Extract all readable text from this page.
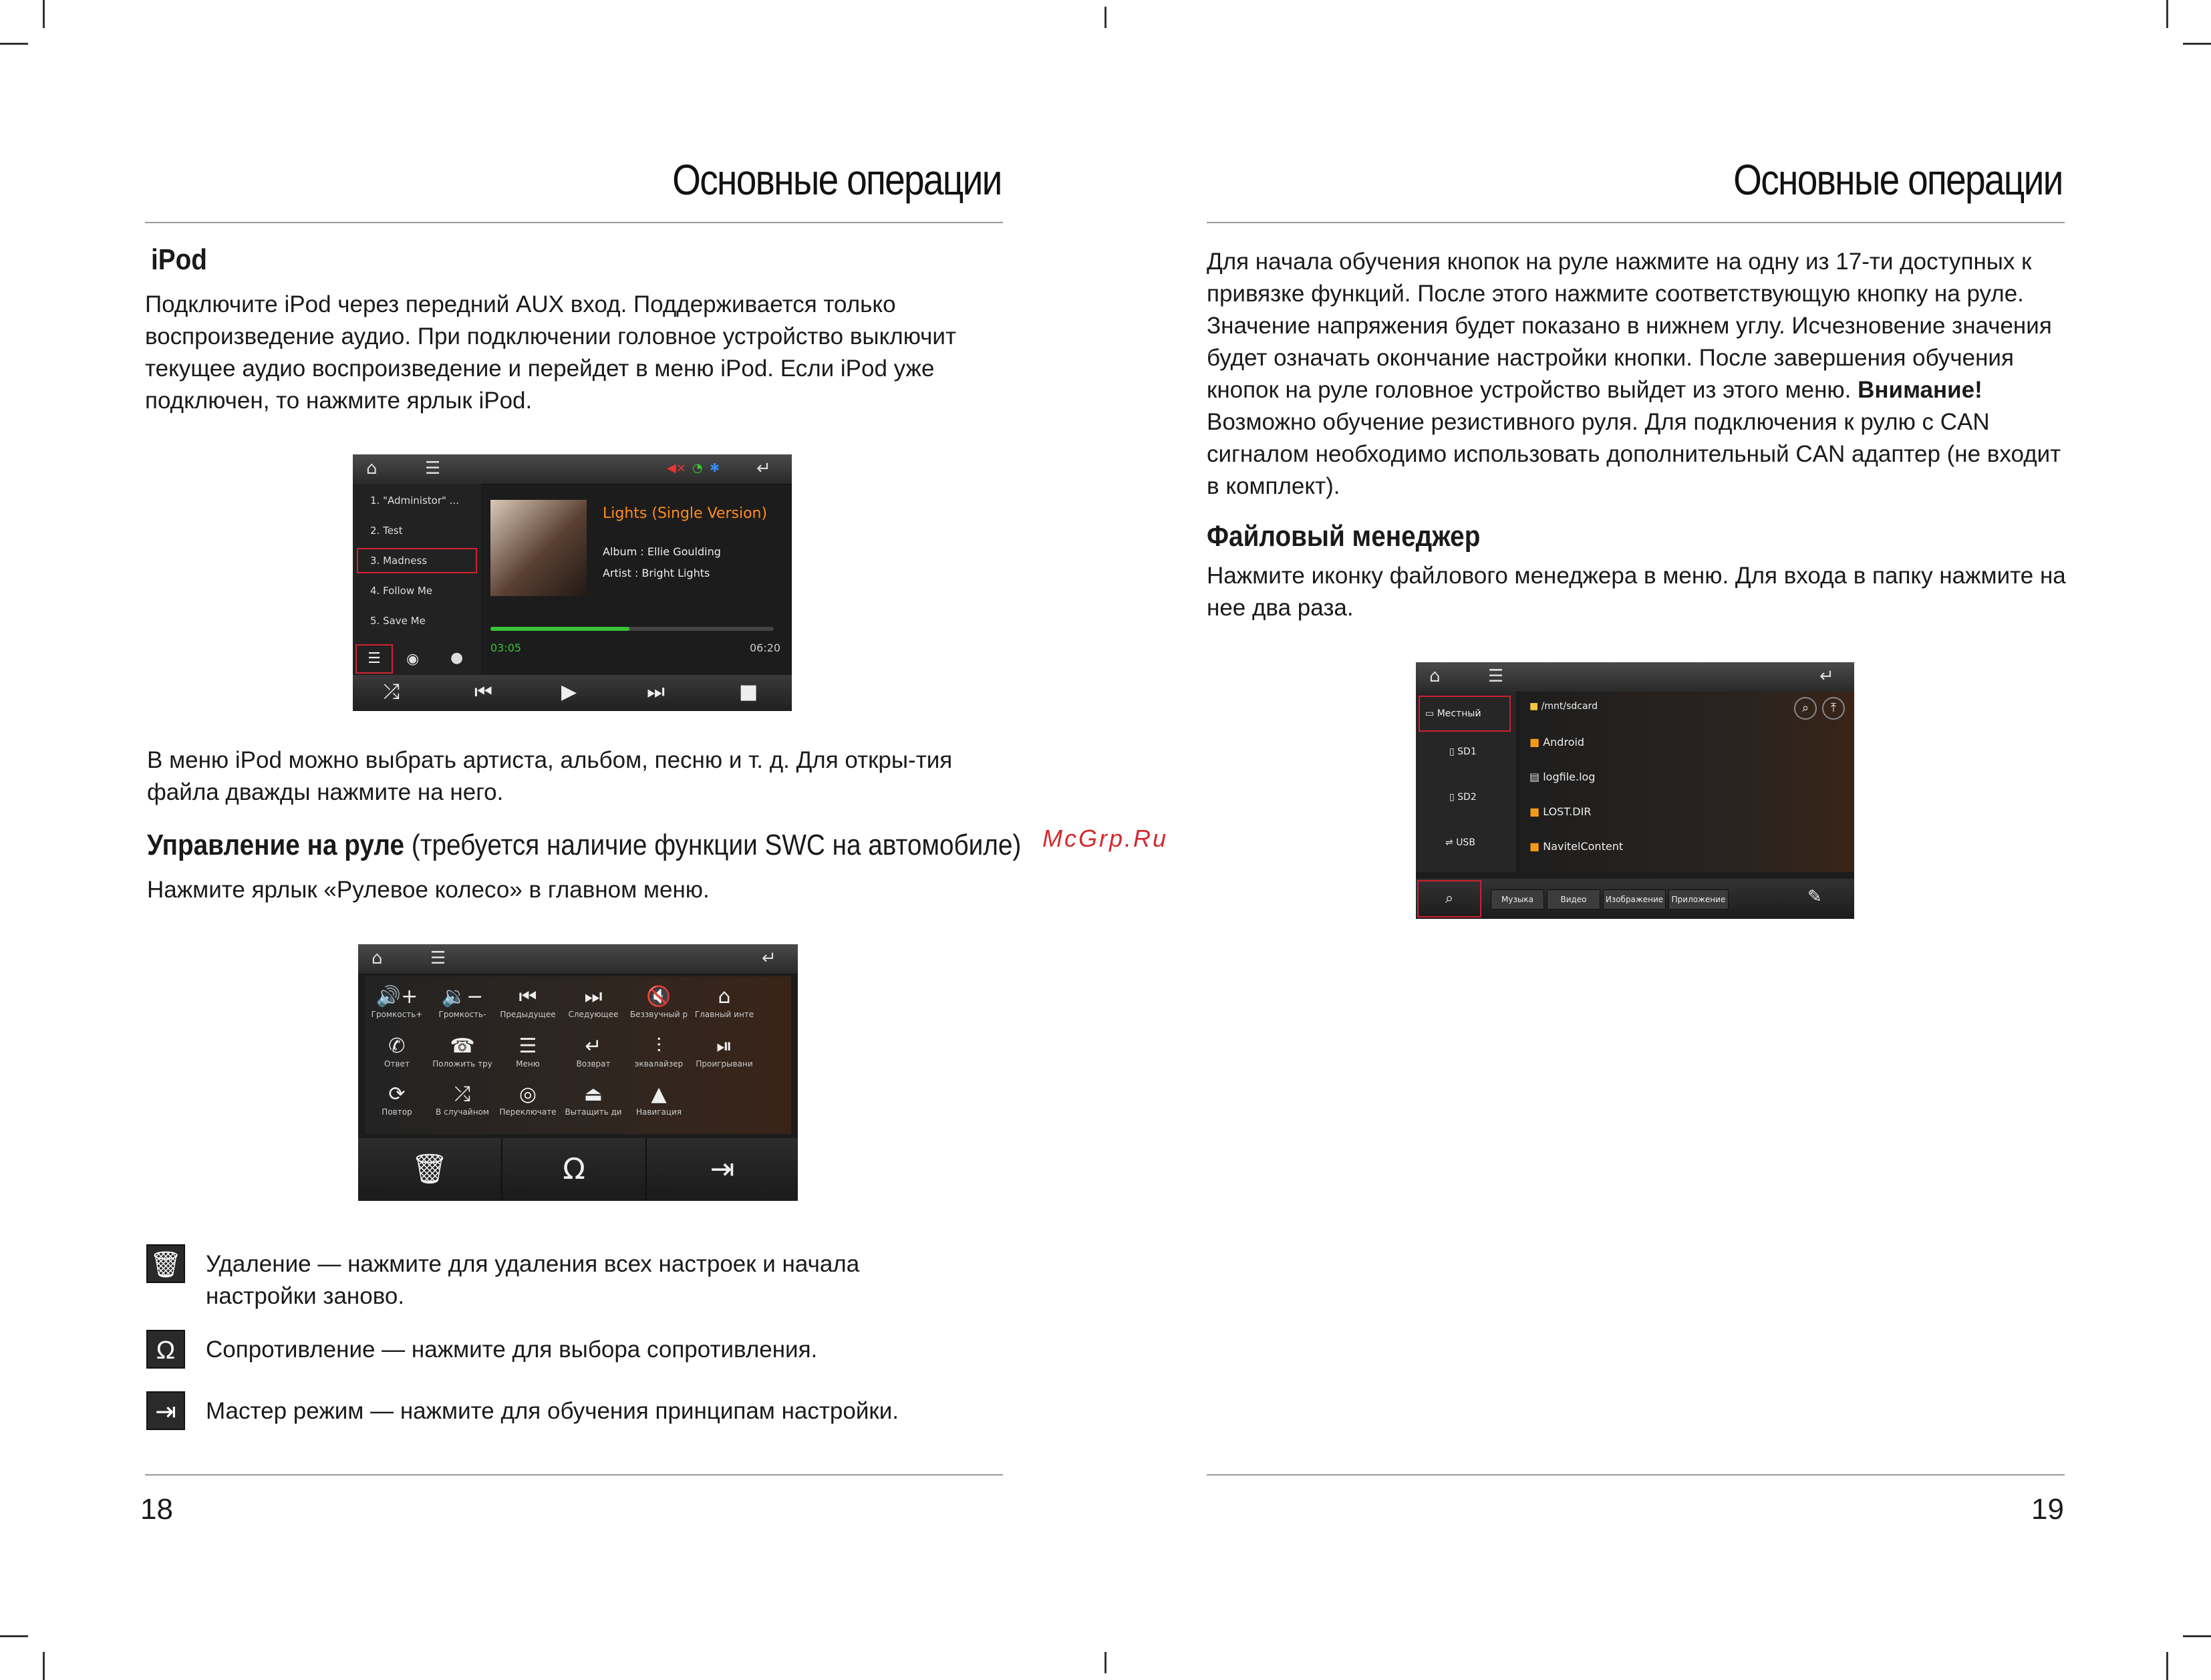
Основные операции
iPod
Подключите iPod через передний AUX вход. Поддерживается только воспроизведение аудио. При подключении головное устройство выключит текущее аудио воспроизведение и перейдет в меню iPod. Если iPod уже подключен, то нажмите ярлык iPod.
⌂	☰	◀× ◔ ✱ ↵
1. "Administor" ...
2. Test
3. Madness
4. Follow Me
5. Save Me
☰	◉ ●
Lights (Single Version)
Album : Ellie Goulding
Artist : Bright Lights
03:05	06:20
⤮	⏮	▶	⏭	■
В меню iPod можно выбрать артиста, альбом, песню и т. д. Для откры-тия файла дважды нажмите на него.
Управление на руле (требуется наличие функции SWC на автомобиле)
Нажмите ярлык «Рулевое колесо» в главном меню.
⌂	☰	↵
🔊+
Громкость+
🔉−
Громкость-
⏮
Предыдущее
⏭
Следующее
🔇
Беззвучный р
⌂
Главный инте
✆
Ответ
☎
Положить тру
☰
Меню
↵
Возврат
⫶
эквалайзер
⏯
Проигрывани
⟳
Повтор
⤮
В случайном
◎
Переключате
⏏
Вытащить ди
▲
Навигация
🗑	Ω	⇥
🗑 Удаление — нажмите для удаления всех настроек и начала настройки заново.
Ω	Сопротивление — нажмите для выбора сопротивления.
⇥	Мастер режим — нажмите для обучения принципам настройки.
18
McGrp.Ru
Основные операции
Для начала обучения кнопок на руле нажмите на одну из 17-ти доступных к привязке функций. После этого нажмите соответствующую кнопку на руле. Значение напряжения будет показано в нижнем углу. Исчезновение значения будет означать окончание настройки кнопки. После завершения обучения кнопок на руле головное устройство выйдет из этого меню. Внимание! Возможно обучение резистивного руля. Для подключения к рулю с CAN сигналом необходимо использовать дополнительный CAN адаптер (не входит в комплект).
Файловый менеджер
Нажмите иконку файлового менеджера в меню. Для входа в папку нажмите на нее два раза.
⌂	☰	↵
▭ Местный
▯ SD1
▯ SD2
⇌ USB
■ /mnt/sdcard	⌕	⤒
■ Android
▤ logfile.log
■ LOST.DIR
■ NavitelContent
⌕	Музыка	Видео	Изображение	Приложение	✎
19
